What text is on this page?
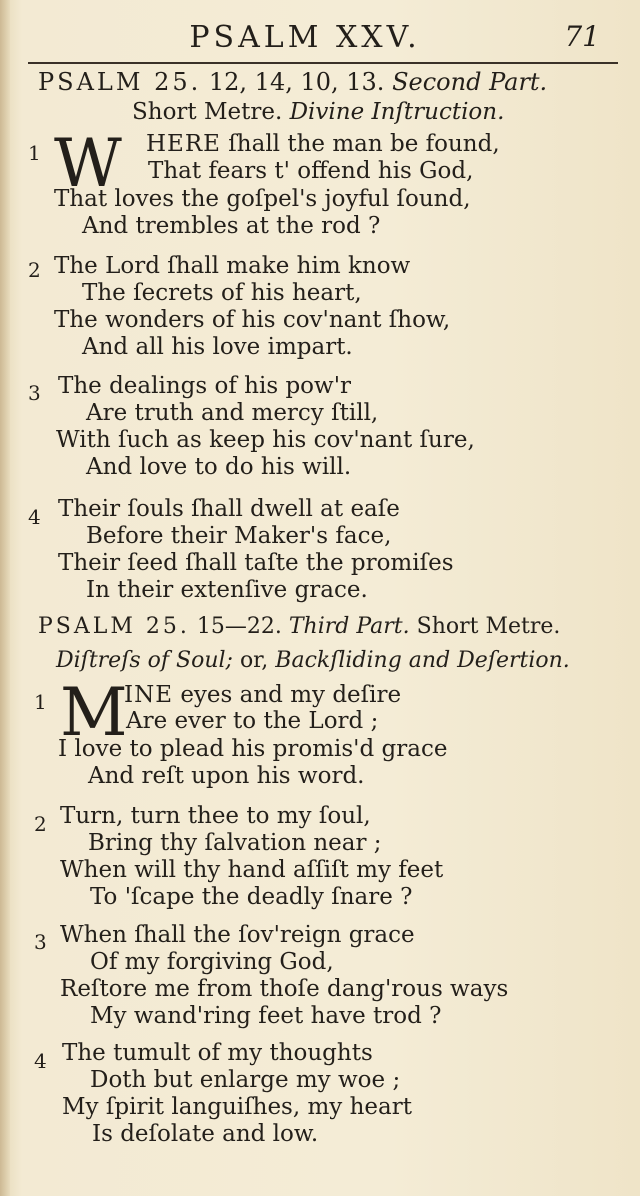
PSALM XXV.	71
PSALM 25. 12, 14, 10, 13. Second Part.
Short Metre. Divine Inſtruction.
1 W HERE ſhall the man be found,
That fears t' offend his God,
That loves the goſpel's joyful ſound,
And trembles at the rod ?
2 The Lord ſhall make him know
The ſecrets of his heart,
The wonders of his cov'nant ſhow,
And all his love impart.
3 The dealings of his pow'r
Are truth and mercy ſtill,
With ſuch as keep his cov'nant ſure,
And love to do his will.
4 Their ſouls ſhall dwell at eaſe
Before their Maker's face,
Their ſeed ſhall taſte the promiſes
In their extenſive grace.
PSALM 25. 15—22. Third Part. Short Metre.
Diſtreſs of Soul; or, Backſliding and Deſertion.
1 M
INE eyes and my deſire
Are ever to the Lord ;
I love to plead his promis'd grace
And reſt upon his word.
2 Turn, turn thee to my ſoul,
Bring thy ſalvation near ;
When will thy hand aſſiſt my feet
To 'ſcape the deadly ſnare ?
3 When ſhall the ſov'reign grace
Of my forgiving God,
Reſtore me from thoſe dang'rous ways
My wand'ring feet have trod ?
4 The tumult of my thoughts
Doth but enlarge my woe ;
My ſpirit languiſhes, my heart
Is deſolate and low.
